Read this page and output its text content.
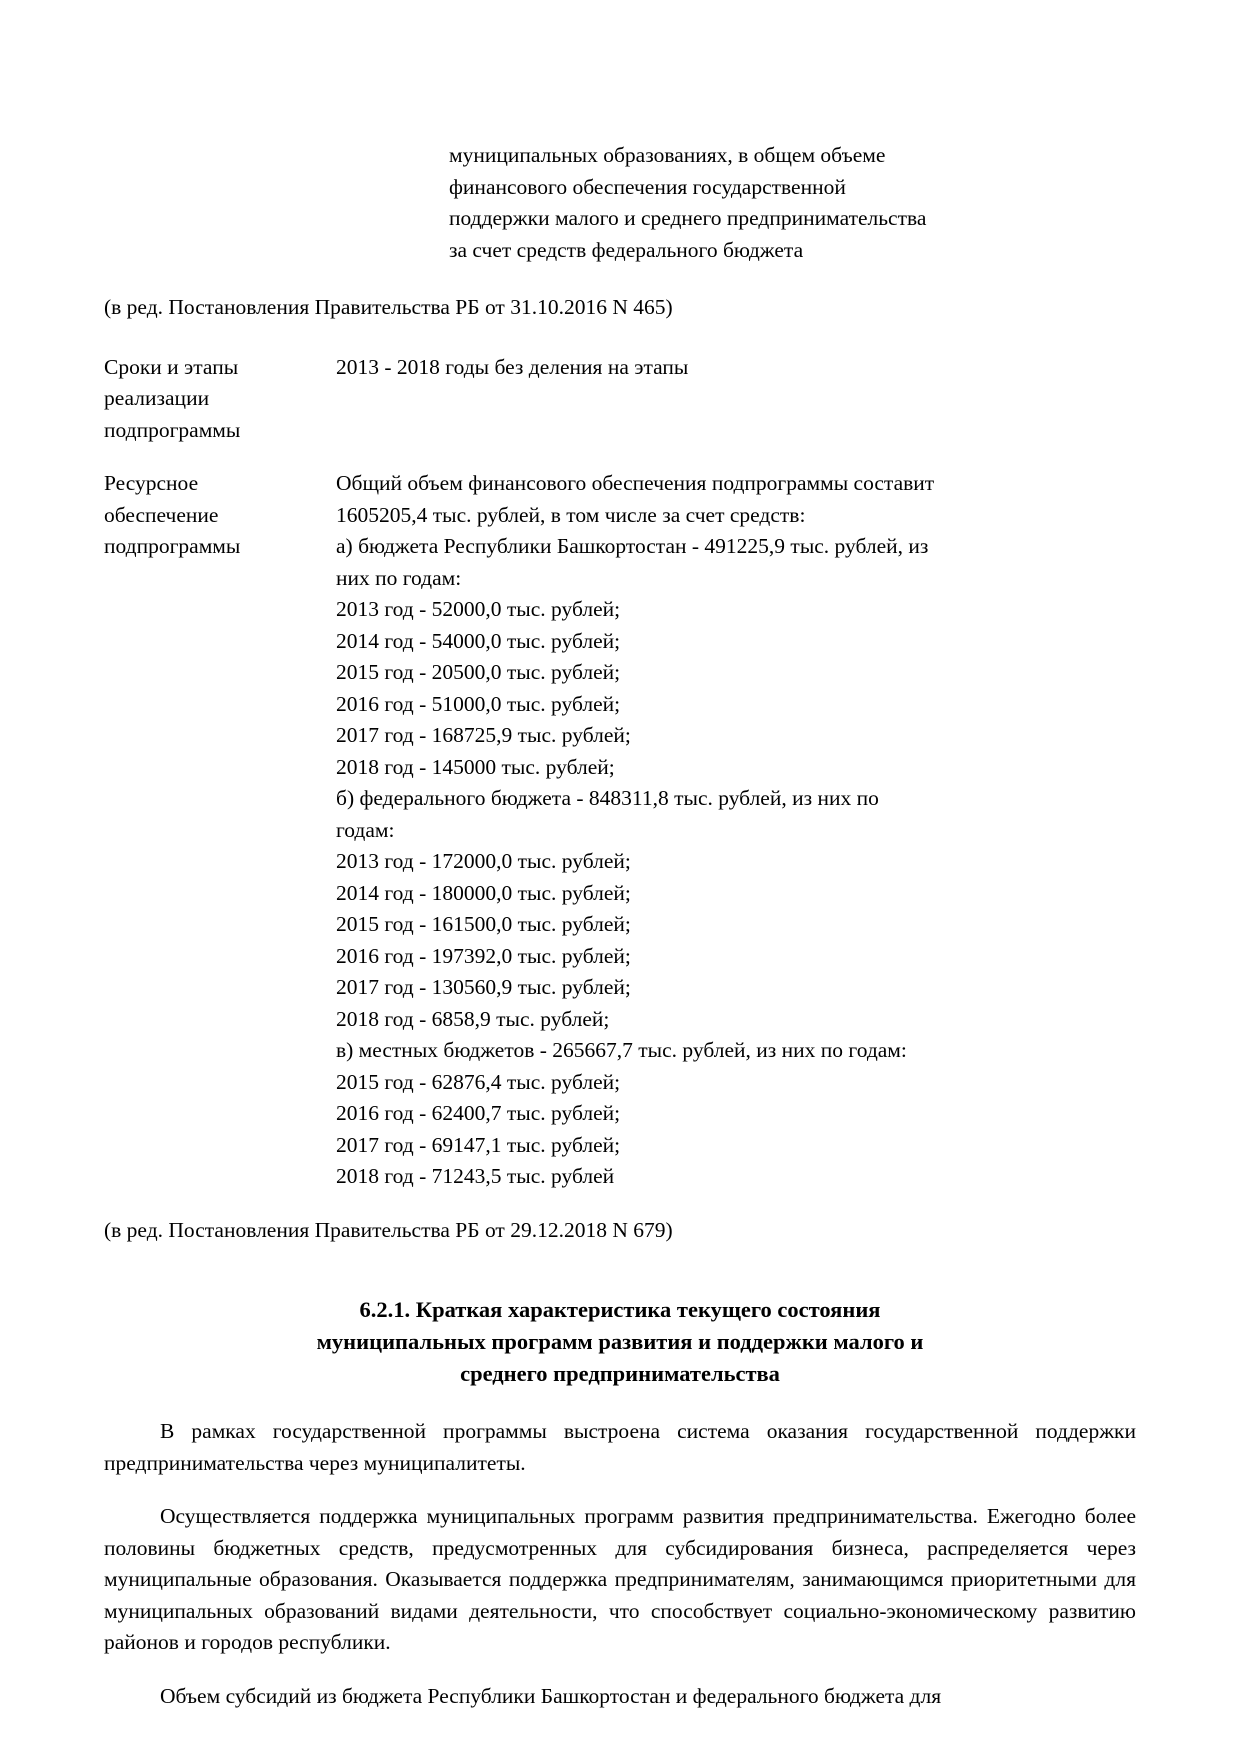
муниципальных образованиях, в общем объеме
финансового обеспечения государственной
поддержки малого и среднего предпринимательства
за счет средств федерального бюджета

(в ред. Постановления Правительства РБ от 31.10.2016 N 465)

Сроки и этапы реализации
подпрограммы
2013 - 2018 годы без деления на этапы
Ресурсное
обеспечение
подпрограммы
Общий объем финансового обеспечения подпрограммы составит
1605205,4 тыс. рублей, в том числе за счет средств:
а) бюджета Республики Башкортостан - 491225,9 тыс. рублей, из
них по годам:
2013 год - 52000,0 тыс. рублей;
2014 год - 54000,0 тыс. рублей;
2015 год - 20500,0 тыс. рублей;
2016 год - 51000,0 тыс. рублей;
2017 год - 168725,9 тыс. рублей;
2018 год - 145000 тыс. рублей;
б) федерального бюджета - 848311,8 тыс. рублей, из них по
годам:
2013 год - 172000,0 тыс. рублей;
2014 год - 180000,0 тыс. рублей;
2015 год - 161500,0 тыс. рублей;
2016 год - 197392,0 тыс. рублей;
2017 год - 130560,9 тыс. рублей;
2018 год - 6858,9 тыс. рублей;
в) местных бюджетов - 265667,7 тыс. рублей, из них по годам:
2015 год - 62876,4 тыс. рублей;
2016 год - 62400,7 тыс. рублей;
2017 год - 69147,1 тыс. рублей;
2018 год - 71243,5 тыс. рублей

(в ред. Постановления Правительства РБ от 29.12.2018 N 679)

6.2.1. Краткая характеристика текущего состояния
муниципальных программ развития и поддержки малого и
среднего предпринимательства

В рамках государственной программы выстроена система оказания государственной поддержки предпринимательства через муниципалитеты.

Осуществляется поддержка муниципальных программ развития предпринимательства. Ежегодно более половины бюджетных средств, предусмотренных для субсидирования бизнеса, распределяется через муниципальные образования. Оказывается поддержка предпринимателям, занимающимся приоритетными для муниципальных образований видами деятельности, что способствует социально-экономическому развитию районов и городов республики.

Объем субсидий из бюджета Республики Башкортостан и федерального бюджета для
